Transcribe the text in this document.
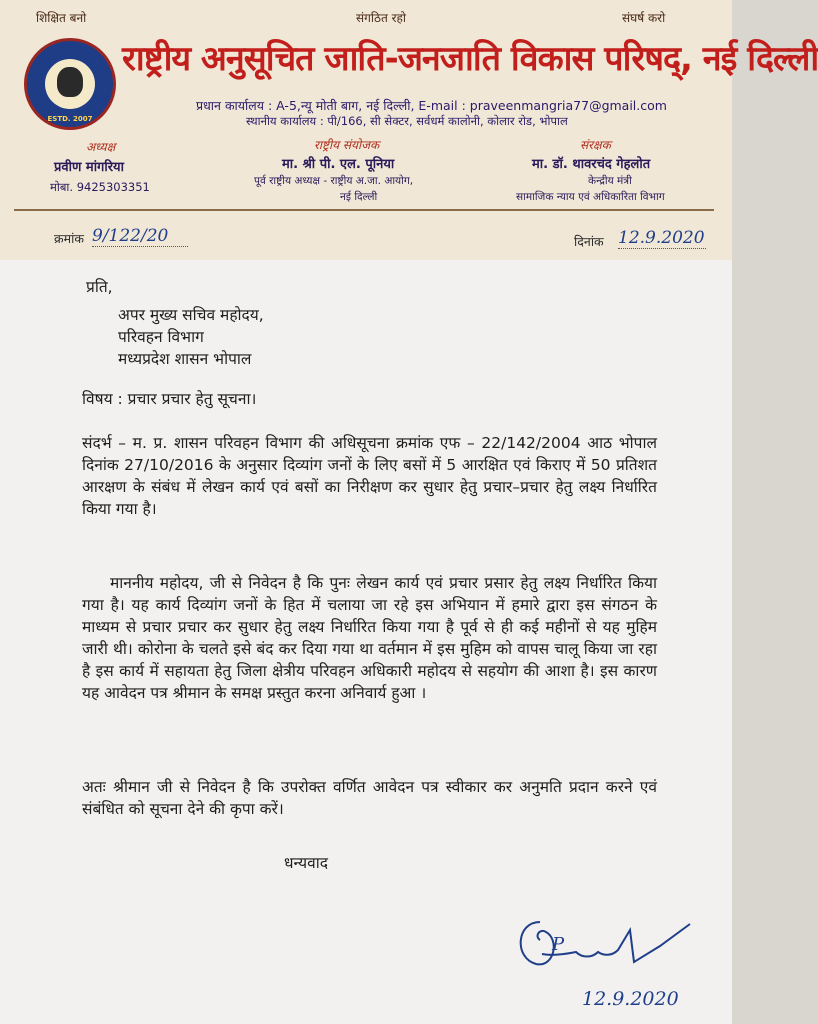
शिक्षित बनो	संगठित रहो	संघर्ष करो
ESTD. 2007
राष्ट्रीय अनुसूचित जाति-जनजाति विकास परिषद्, नई दिल्ली
प्रधान कार्यालय : A-5,न्यू मोती बाग, नई दिल्ली, E-mail : praveenmangria77@gmail.com
स्थानीय कार्यालय : पी/166, सी सेक्टर, सर्वधर्म कालोनी, कोलार रोड, भोपाल
अध्यक्ष
प्रवीण मांगरिया
मोबा. 9425303351
राष्ट्रीय संयोजक
मा. श्री पी. एल. पूनिया
पूर्व राष्ट्रीय अध्यक्ष - राष्ट्रीय अ.जा. आयोग,
नई दिल्ली
संरक्षक
मा. डॉ. थावरचंद गेहलोत
केन्द्रीय मंत्री
सामाजिक न्याय एवं अधिकारिता विभाग
क्रमांक 9/122/20	दिनांक 12.9.2020
प्रति,
अपर मुख्य सचिव महोदय,
परिवहन विभाग
मध्यप्रदेश शासन भोपाल
विषय : प्रचार प्रचार हेतु सूचना।
संदर्भ – म. प्र. शासन परिवहन विभाग की अधिसूचना क्रमांक एफ – 22/142/2004 आठ भोपाल दिनांक 27/10/2016 के अनुसार दिव्यांग जनों के लिए बसों में 5 आरक्षित एवं किराए में 50 प्रतिशत आरक्षण के संबंध में लेखन कार्य एवं बसों का निरीक्षण कर सुधार हेतु प्रचार–प्रचार हेतु लक्ष्य निर्धारित किया गया है।
माननीय महोदय, जी से निवेदन है कि पुनः लेखन कार्य एवं प्रचार प्रसार हेतु लक्ष्य निर्धारित किया गया है। यह कार्य दिव्यांग जनों के हित में चलाया जा रहे इस अभियान में हमारे द्वारा इस संगठन के माध्यम से प्रचार प्रचार कर सुधार हेतु लक्ष्य निर्धारित किया गया है पूर्व से ही कई महीनों से यह मुहिम जारी थी। कोरोना के चलते इसे बंद कर दिया गया था वर्तमान में इस मुहिम को वापस चालू किया जा रहा है इस कार्य में सहायता हेतु जिला क्षेत्रीय परिवहन अधिकारी महोदय से सहयोग की आशा है। इस कारण यह आवेदन पत्र श्रीमान के समक्ष प्रस्तुत करना अनिवार्य हुआ ।
अतः श्रीमान जी से निवेदन है कि उपरोक्त वर्णित आवेदन पत्र स्वीकार कर अनुमति प्रदान करने एवं संबंधित को सूचना देने की कृपा करें।
धन्यवाद
P
12.9.2020
